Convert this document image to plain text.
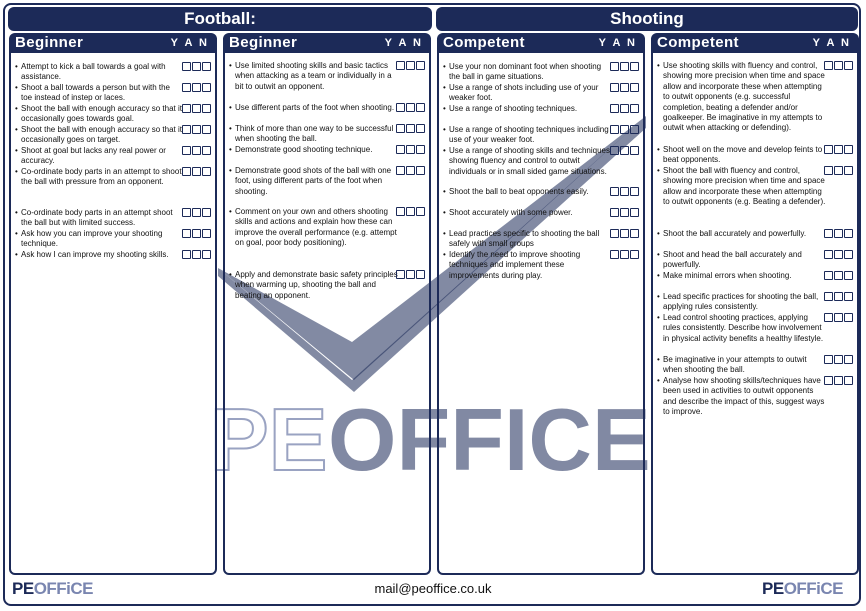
PE OFFICE
Football:	Shooting
Beginner	Y A N
• Attempt to kick a ball towards a goal with assistance.
• Shoot a ball towards a person but with the toe instead of instep or laces.
• Shoot the ball with enough accuracy so that it occasionally goes towards goal.
• Shoot the ball with enough accuracy so that it occasionally goes on target.
• Shoot at goal but lacks any real power or accuracy.
• Co-ordinate body parts in an attempt to shoot the ball with pressure from an opponent.
• Co-ordinate body parts in an attempt shoot the ball but with limited success.
• Ask how you can improve your shooting technique.
• Ask how I can improve my shooting skills.
Beginner	Y A N
• Use limited shooting skills and basic tactics when attacking as a team or individually in a bit to outwit an opponent.
• Use different parts of the foot when shooting.
• Think of more than one way to be successful when shooting the ball.
• Demonstrate good shooting technique.
• Demonstrate good shots of the ball with one foot, using different parts of the foot when shooting.
• Comment on your own and others shooting skills and actions and explain how these can improve the overall performance (e.g. attempt on goal, poor body positioning).
• Apply and demonstrate basic safety principles when warming up, shooting the ball and beating an opponent.
Competent	Y A N
• Use your non dominant foot when shooting the ball in game situations.
• Use a range of shots including use of your weaker foot.
• Use a range of shooting techniques.
• Use a range of shooting techniques including use of your weaker foot.
• Use a range of shooting skills and techniques showing fluency and control to outwit individuals or in small sided game situations.
• Shoot the ball to beat opponents easily.
• Shoot accurately with some power.
• Lead practices specific to shooting the ball safely with small groups
• Identify the need to improve shooting techniques and implement these improvements during play.
Competent	Y A N
• Use shooting skills with fluency and control, showing more precision when time and space allow and incorporate these when attempting to outwit opponents (e.g. successful completion, beating a defender and/or goalkeeper. Be imaginative in my attempts to outwit when attacking or defending).
• Shoot well on the move and develop feints to beat opponents.
• Shoot the ball with fluency and control, showing more precision when time and space allow and incorporate these when attempting to outwit opponents (e.g. Beating a defender).
• Shoot the ball accurately and powerfully.
• Shoot and head the ball accurately and powerfully.
• Make minimal errors when shooting.
• Lead specific practices for shooting the ball, applying rules consistently.
• Lead control shooting practices, applying rules consistently. Describe how involvement in physical activity benefits a healthy lifestyle.
• Be imaginative in your attempts to outwit when shooting the ball.
• Analyse how shooting skills/techniques have been used in activities to outwit opponents and describe the impact of this, suggest ways to improve.
PEOFFiCE	mail@peoffice.co.uk	PEOFFiCE
